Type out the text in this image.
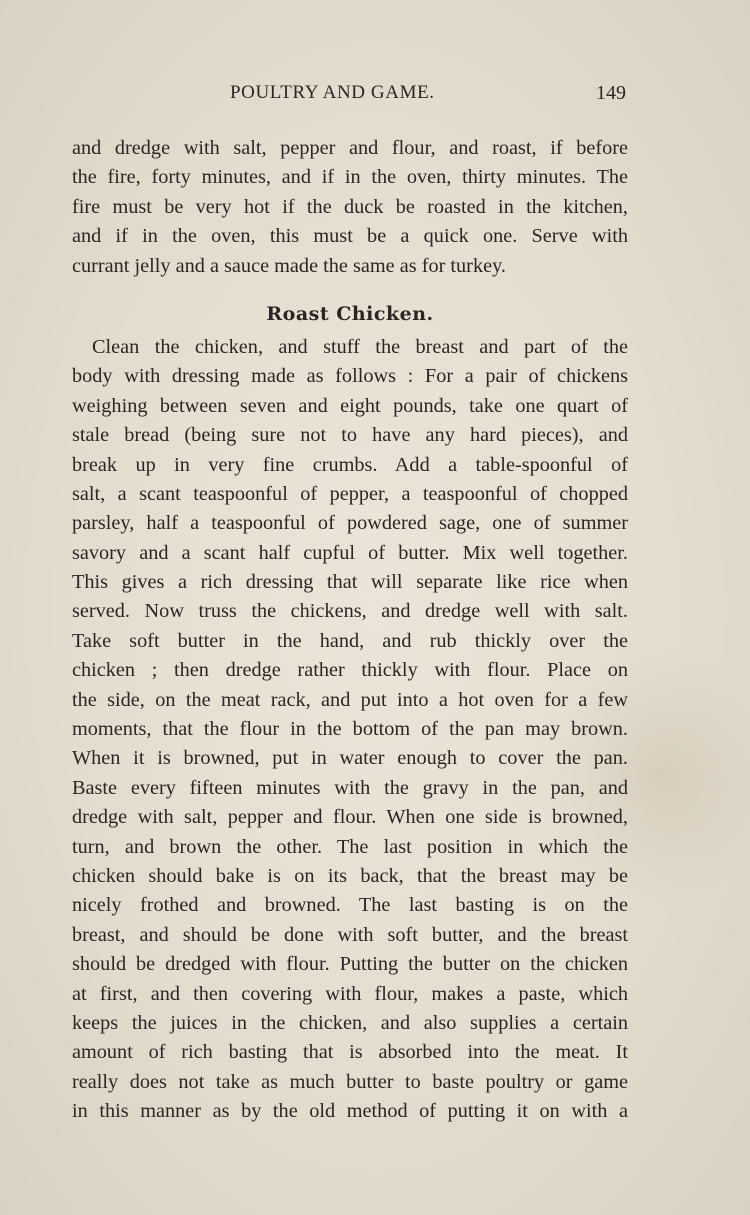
POULTRY AND GAME.	149
and dredge with salt, pepper and flour, and roast, if before
the fire, forty minutes, and if in the oven, thirty minutes. The
fire must be very hot if the duck be roasted in the kitchen,
and if in the oven, this must be a quick one. Serve with
currant jelly and a sauce made the same as for turkey.
Roast Chicken.
Clean the chicken, and stuff the breast and part of the
body with dressing made as follows : For a pair of chickens
weighing between seven and eight pounds, take one quart of
stale bread (being sure not to have any hard pieces), and
break up in very fine crumbs. Add a table-spoonful of
salt, a scant teaspoonful of pepper, a teaspoonful of chopped
parsley, half a teaspoonful of powdered sage, one of summer
savory and a scant half cupful of butter. Mix well together.
This gives a rich dressing that will separate like rice when
served. Now truss the chickens, and dredge well with salt.
Take soft butter in the hand, and rub thickly over the
chicken ; then dredge rather thickly with flour. Place on
the side, on the meat rack, and put into a hot oven for a few
moments, that the flour in the bottom of the pan may brown.
When it is browned, put in water enough to cover the pan.
Baste every fifteen minutes with the gravy in the pan, and
dredge with salt, pepper and flour. When one side is browned,
turn, and brown the other. The last position in which the
chicken should bake is on its back, that the breast may be
nicely frothed and browned. The last basting is on the
breast, and should be done with soft butter, and the breast
should be dredged with flour. Putting the butter on the chicken
at first, and then covering with flour, makes a paste, which
keeps the juices in the chicken, and also supplies a certain
amount of rich basting that is absorbed into the meat. It
really does not take as much butter to baste poultry or game
in this manner as by the old method of putting it on with a
